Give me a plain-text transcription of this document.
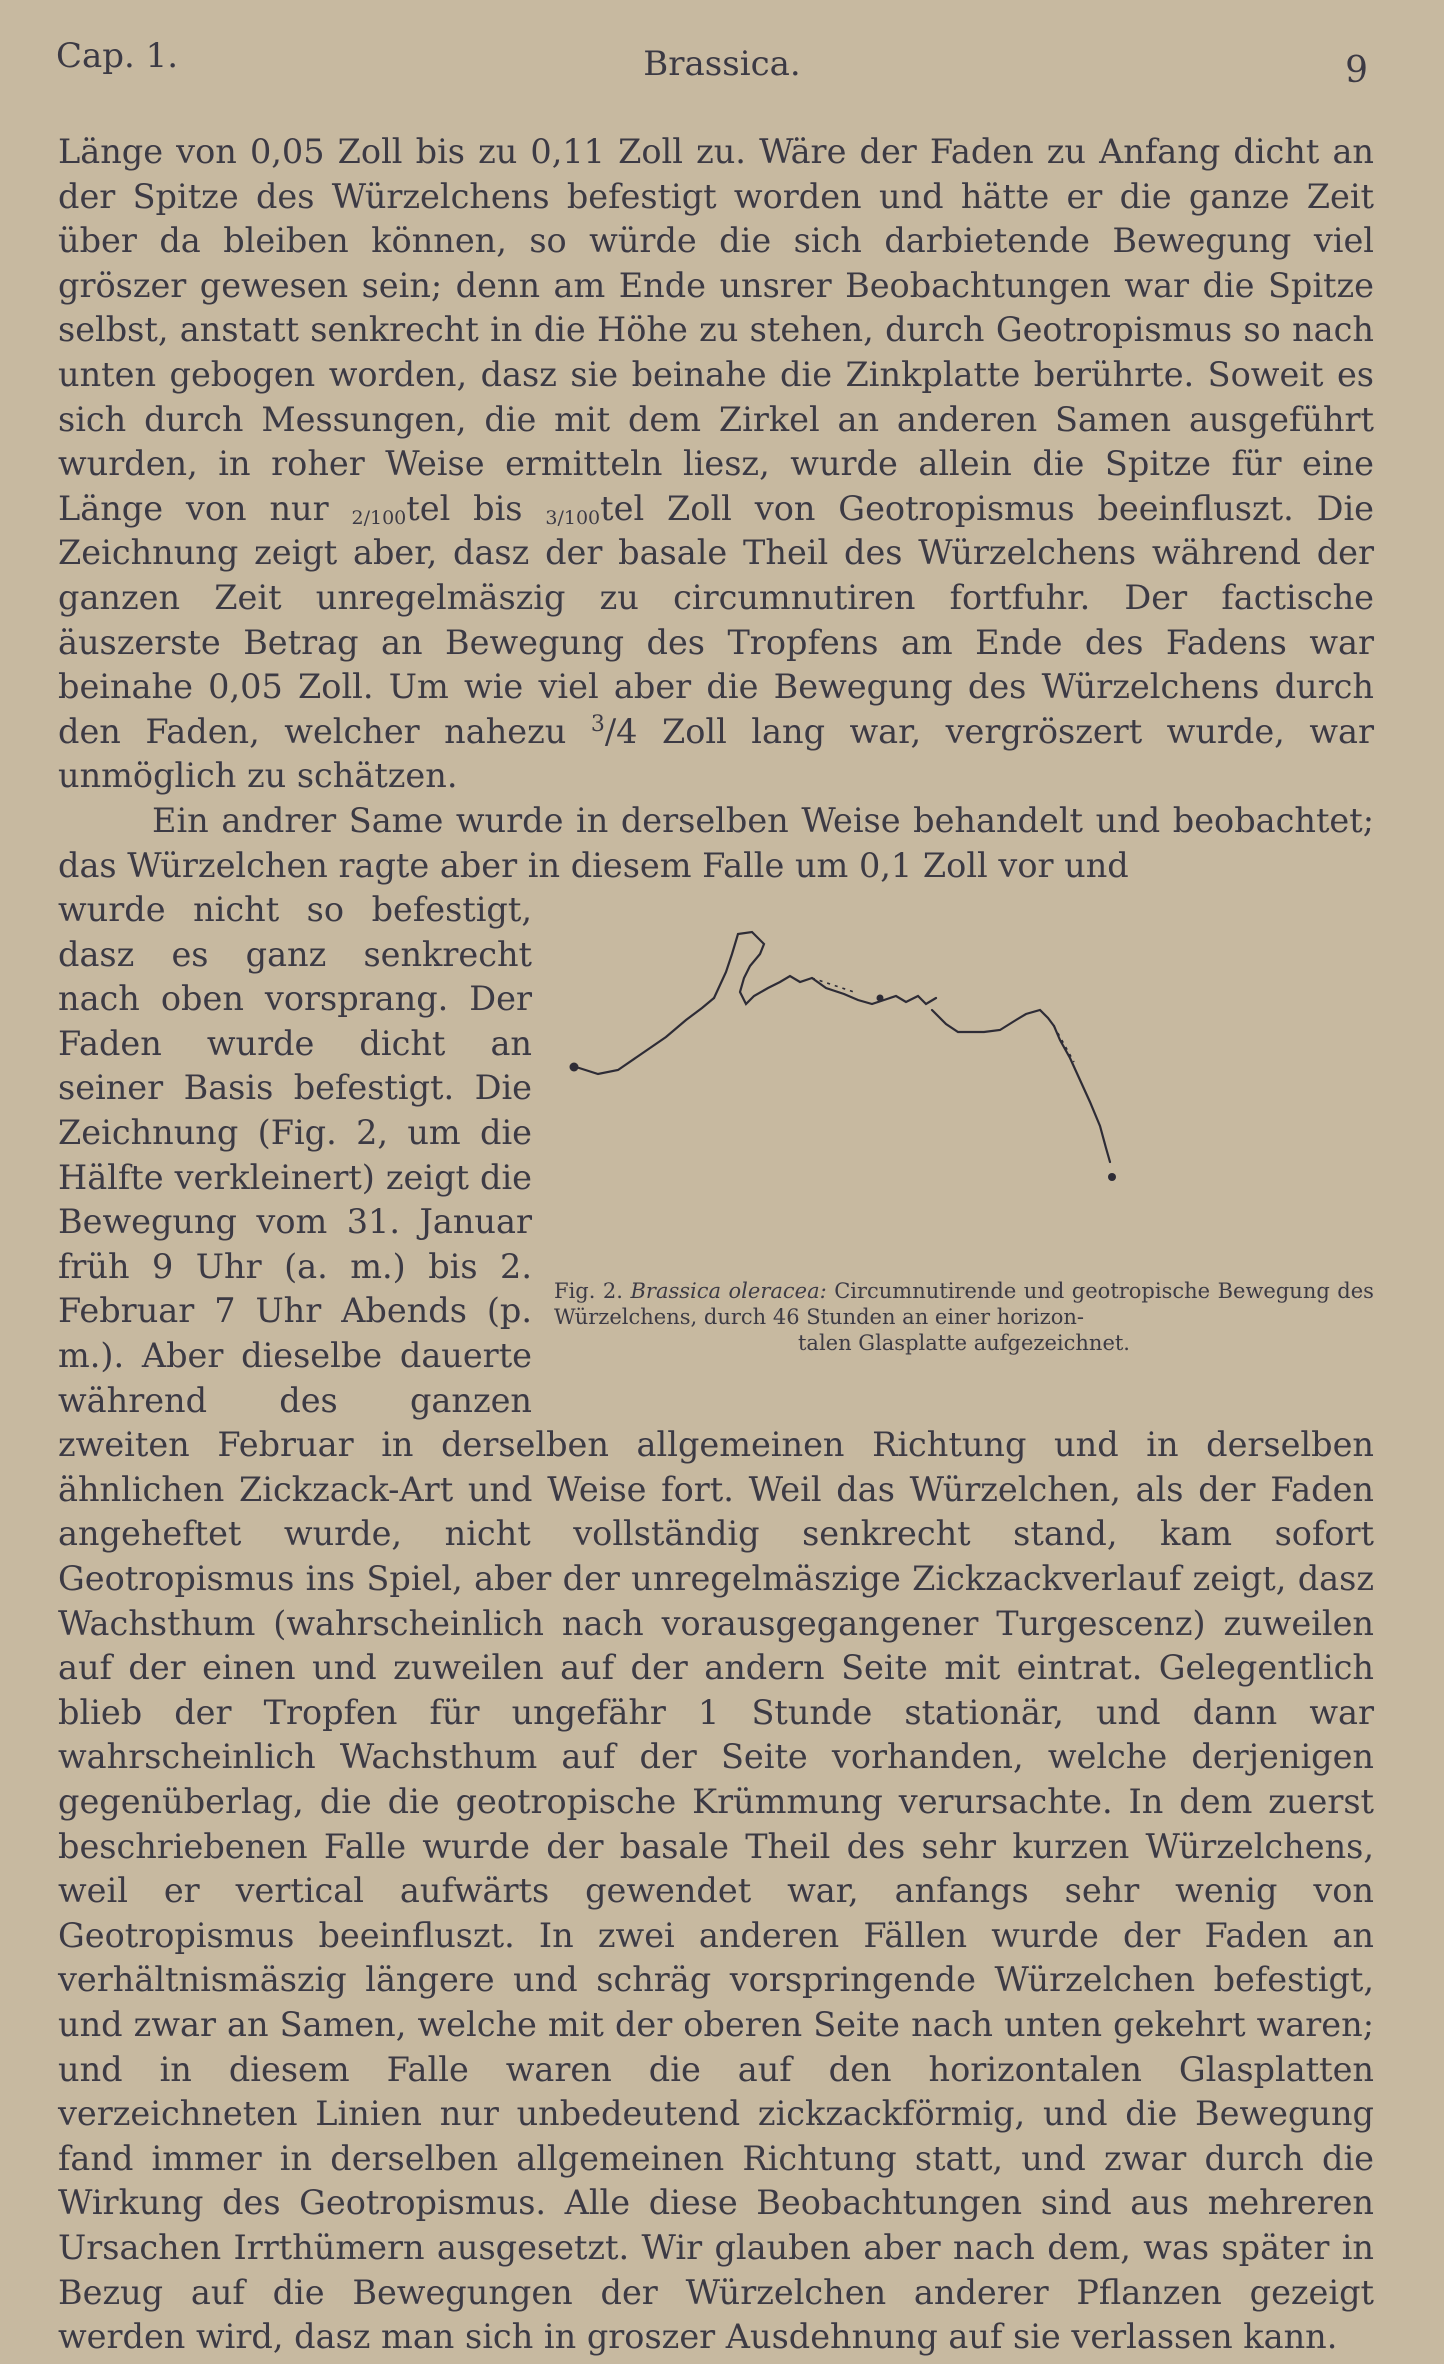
Cap. 1.	Brassica.	9

Länge von 0,05 Zoll bis zu 0,11 Zoll zu. Wäre der Faden zu Anfang dicht an der Spitze des Würzelchens befestigt worden und hätte er die ganze Zeit über da bleiben können, so würde die sich darbietende Bewegung viel gröszer gewesen sein; denn am Ende unsrer Beobachtungen war die Spitze selbst, anstatt senkrecht in die Höhe zu stehen, durch Geotropismus so nach unten gebogen worden, dasz sie beinahe die Zinkplatte berührte. Soweit es sich durch Messungen, die mit dem Zirkel an anderen Samen ausgeführt wurden, in roher Weise ermitteln liesz, wurde allein die Spitze für eine Länge von nur 2/100tel bis 3/100tel Zoll von Geotropismus beeinfluszt. Die Zeichnung zeigt aber, dasz der basale Theil des Würzelchens während der ganzen Zeit unregelmäszig zu circumnutiren fortfuhr. Der factische äuszerste Betrag an Bewegung des Tropfens am Ende des Fadens war beinahe 0,05 Zoll. Um wie viel aber die Bewegung des Würzelchens durch den Faden, welcher nahezu $^3$/4 Zoll lang war, vergröszert wurde, war unmöglich zu schätzen.

Ein andrer Same wurde in derselben Weise behandelt und beobachtet; das Würzelchen ragte aber in diesem Falle um 0,1 Zoll vor und

Fig. 2. Brassica oleracea: Circumnutirende und geotropische Bewegung des Würzelchens, durch 46 Stunden an einer horizon-
talen Glasplatte aufgezeichnet.

wurde nicht so befestigt, dasz es ganz senkrecht nach oben vorsprang. Der Faden wurde dicht an seiner Basis befestigt. Die Zeichnung (Fig. 2, um die Hälfte verkleinert) zeigt die Bewegung vom 31. Januar früh 9 Uhr (a. m.) bis 2. Februar 7 Uhr Abends (p. m.). Aber dieselbe dauerte während des ganzen zweiten Februar in derselben allgemeinen Richtung und in derselben ähnlichen Zickzack-Art und Weise fort. Weil das Würzelchen, als der Faden angeheftet wurde, nicht vollständig senkrecht stand, kam sofort Geotropismus ins Spiel, aber der unregelmäszige Zickzackverlauf zeigt, dasz Wachsthum (wahrscheinlich nach vorausgegangener Turgescenz) zuweilen auf der einen und zuweilen auf der andern Seite mit eintrat. Gelegentlich blieb der Tropfen für ungefähr 1 Stunde stationär, und dann war wahrscheinlich Wachsthum auf der Seite vorhanden, welche derjenigen gegenüberlag, die die geotropische Krümmung verursachte. In dem zuerst beschriebenen Falle wurde der basale Theil des sehr kurzen Würzelchens, weil er vertical aufwärts gewendet war, anfangs sehr wenig von Geotropismus beeinfluszt. In zwei anderen Fällen wurde der Faden an verhältnismäszig längere und schräg vorspringende Würzelchen befestigt, und zwar an Samen, welche mit der oberen Seite nach unten gekehrt waren; und in diesem Falle waren die auf den horizontalen Glasplatten verzeichneten Linien nur unbedeutend zickzackförmig, und die Bewegung fand immer in derselben allgemeinen Richtung statt, und zwar durch die Wirkung des Geotropismus. Alle diese Beobachtungen sind aus mehreren Ursachen Irrthümern ausgesetzt. Wir glauben aber nach dem, was später in Bezug auf die Bewegungen der Würzelchen anderer Pflanzen gezeigt werden wird, dasz man sich in groszer Ausdehnung auf sie verlassen kann.
